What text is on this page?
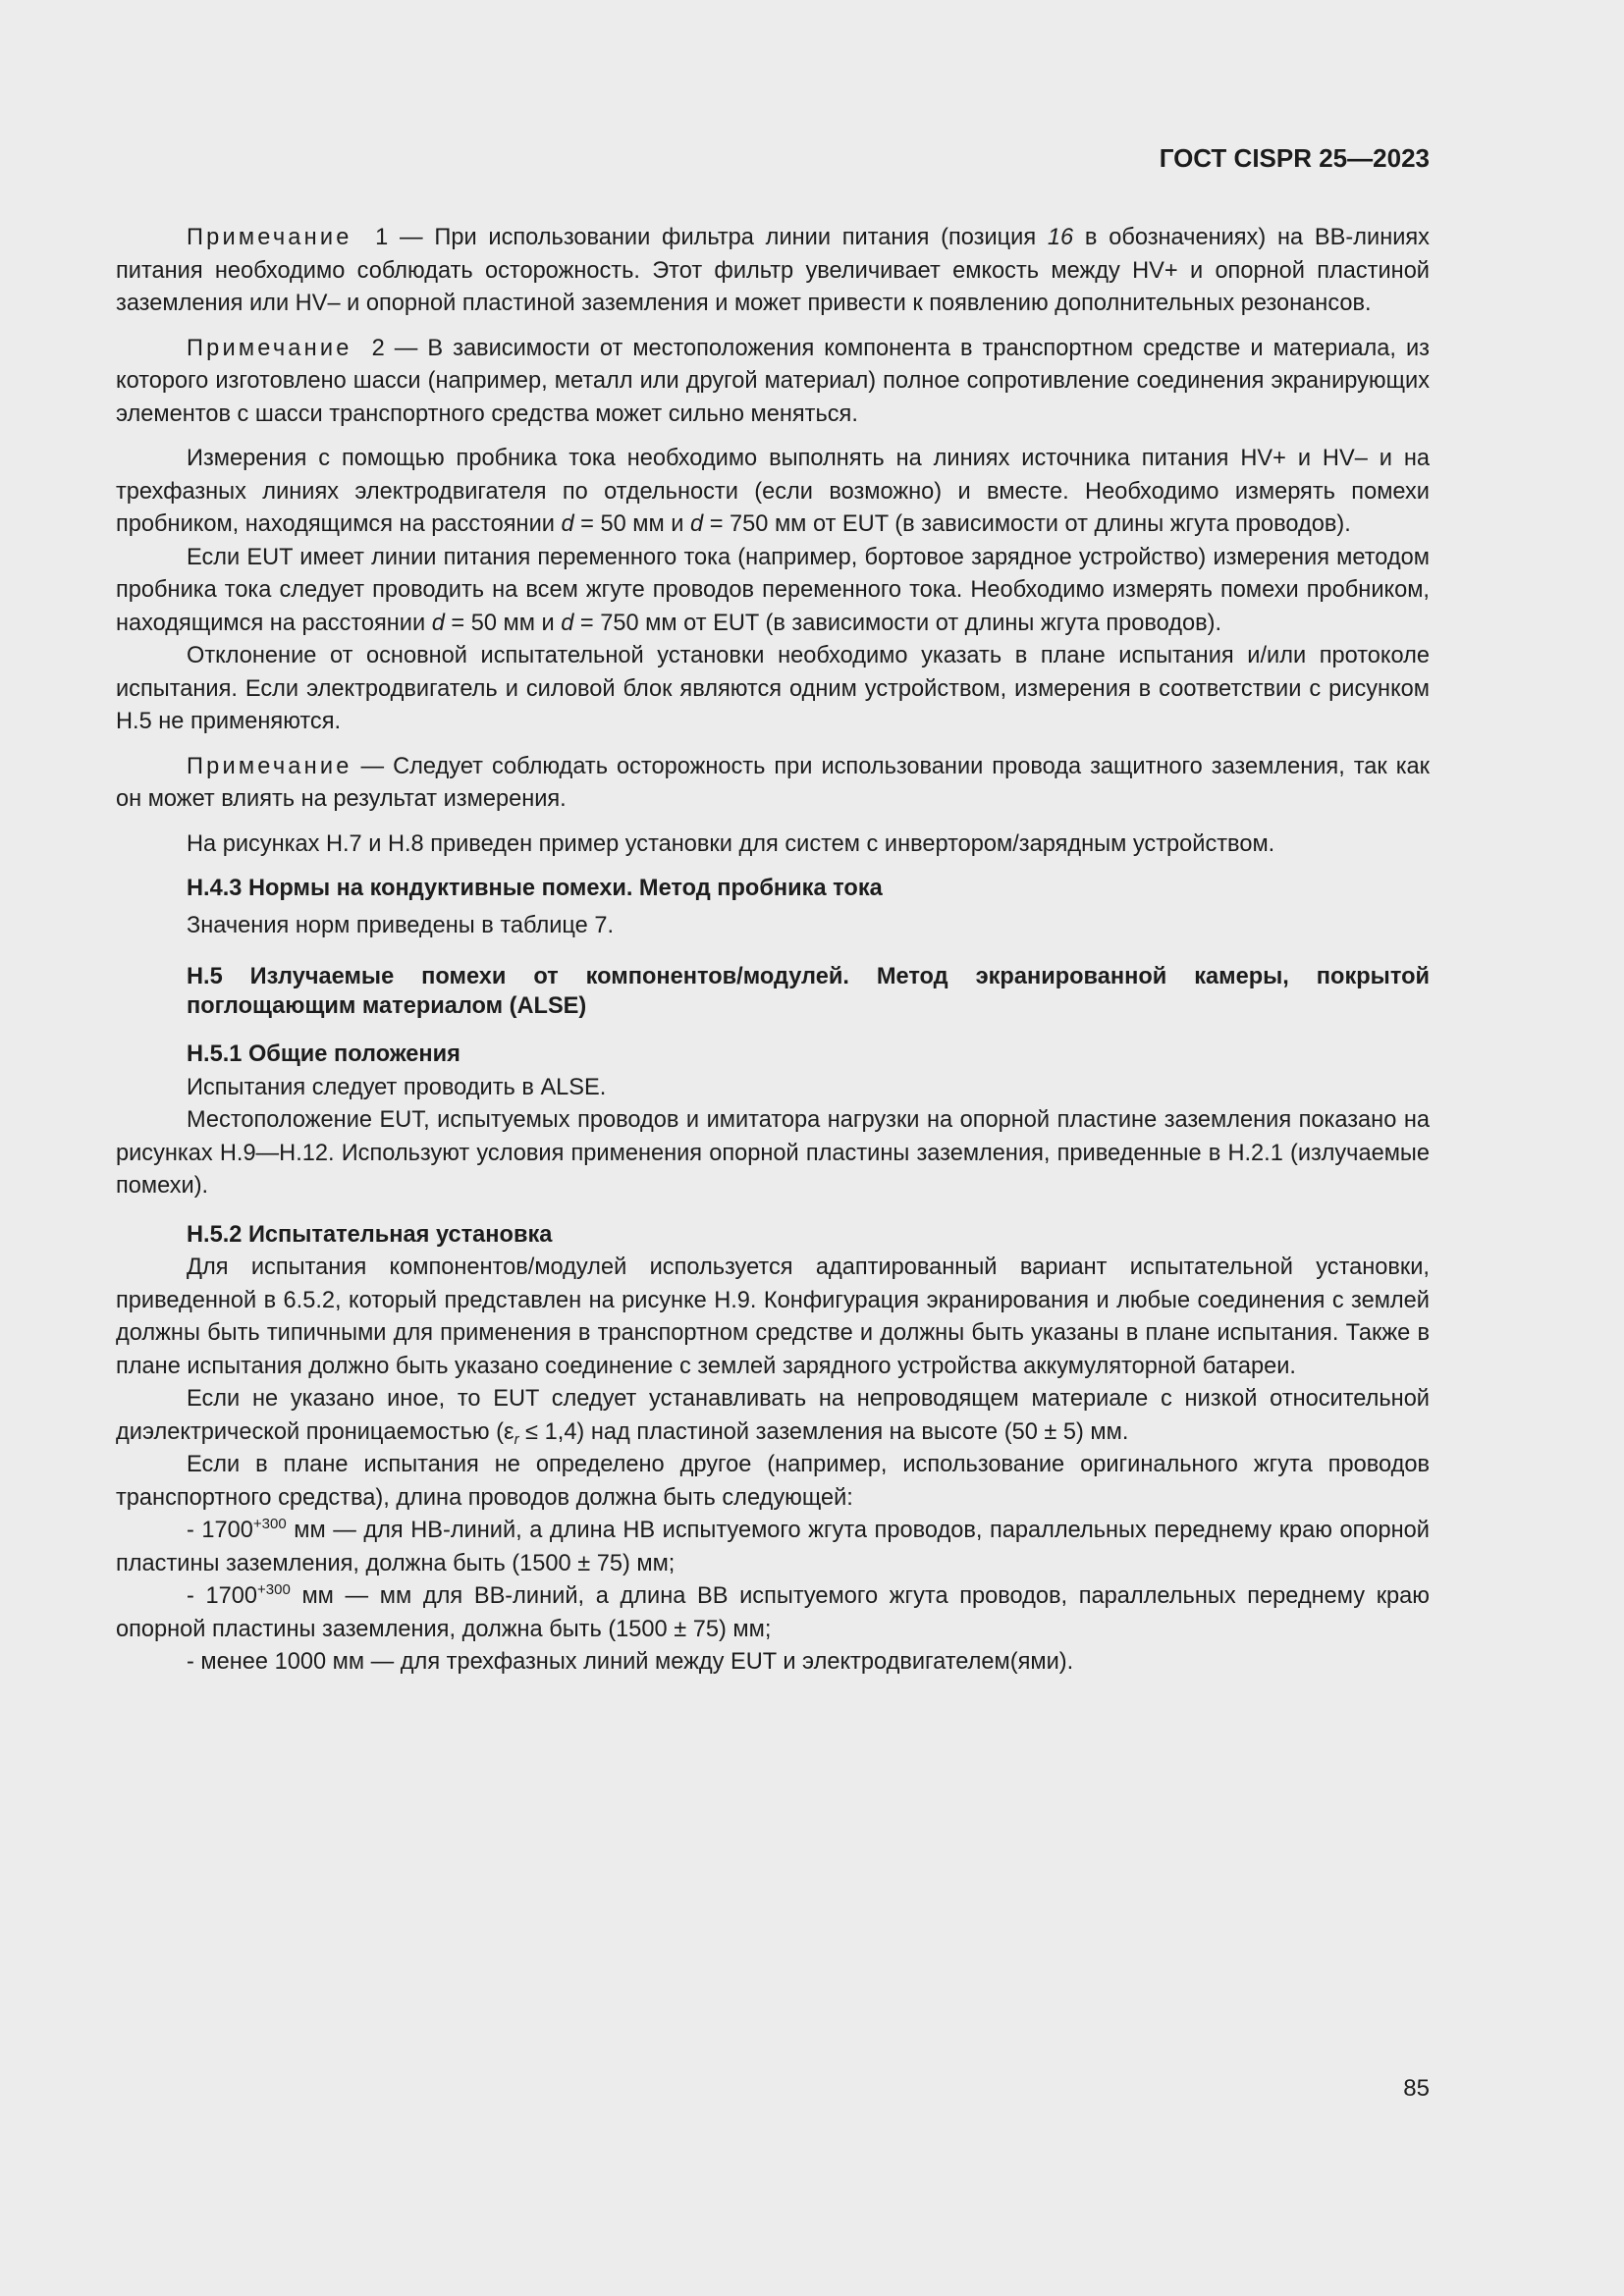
ГОСТ CISPR 25—2023

Примечание 1 — При использовании фильтра линии питания (позиция 16 в обозначениях) на ВВ-линиях питания необходимо соблюдать осторожность. Этот фильтр увеличивает емкость между HV+ и опорной пластиной заземления или HV– и опорной пластиной заземления и может привести к появлению дополнительных резонансов.

Примечание 2 — В зависимости от местоположения компонента в транспортном средстве и материала, из которого изготовлено шасси (например, металл или другой материал) полное сопротивление соединения экранирующих элементов с шасси транспортного средства может сильно меняться.

Измерения с помощью пробника тока необходимо выполнять на линиях источника питания HV+ и HV– и на трехфазных линиях электродвигателя по отдельности (если возможно) и вместе. Необходимо измерять помехи пробником, находящимся на расстоянии d = 50 мм и d = 750 мм от EUT (в зависимости от длины жгута проводов).

Если EUT имеет линии питания переменного тока (например, бортовое зарядное устройство) измерения методом пробника тока следует проводить на всем жгуте проводов переменного тока. Необходимо измерять помехи пробником, находящимся на расстоянии d = 50 мм и d = 750 мм от EUT (в зависимости от длины жгута проводов).

Отклонение от основной испытательной установки необходимо указать в плане испытания и/или протоколе испытания. Если электродвигатель и силовой блок являются одним устройством, измерения в соответствии с рисунком Н.5 не применяются.

Примечание — Следует соблюдать осторожность при использовании провода защитного заземления, так как он может влиять на результат измерения.

На рисунках Н.7 и Н.8 приведен пример установки для систем с инвертором/зарядным устройством.

Н.4.3 Нормы на кондуктивные помехи. Метод пробника тока

Значения норм приведены в таблице 7.

Н.5 Излучаемые помехи от компонентов/модулей. Метод экранированной камеры, покрытой поглощающим материалом (ALSE)

Н.5.1 Общие положения

Испытания следует проводить в ALSE.

Местоположение EUT, испытуемых проводов и имитатора нагрузки на опорной пластине заземления показано на рисунках Н.9—Н.12. Используют условия применения опорной пластины заземления, приведенные в Н.2.1 (излучаемые помехи).

Н.5.2 Испытательная установка

Для испытания компонентов/модулей используется адаптированный вариант испытательной установки, приведенной в 6.5.2, который представлен на рисунке Н.9. Конфигурация экранирования и любые соединения с землей должны быть типичными для применения в транспортном средстве и должны быть указаны в плане испытания. Также в плане испытания должно быть указано соединение с землей зарядного устройства аккумуляторной батареи.

Если не указано иное, то EUT следует устанавливать на непроводящем материале с низкой относительной диэлектрической проницаемостью $(\varepsilon_r \le 1,4)$ над пластиной заземления на высоте (50 ± 5) мм.

Если в плане испытания не определено другое (например, использование оригинального жгута проводов транспортного средства), длина проводов должна быть следующей:

- $1700^{+300}$ мм — для НВ-линий, а длина НВ испытуемого жгута проводов, параллельных переднему краю опорной пластины заземления, должна быть (1500 ± 75) мм;

- $1700^{+300}$ мм — мм для ВВ-линий, а длина ВВ испытуемого жгута проводов, параллельных переднему краю опорной пластины заземления, должна быть (1500 ± 75) мм;

- менее 1000 мм — для трехфазных линий между EUT и электродвигателем(ями).

85
